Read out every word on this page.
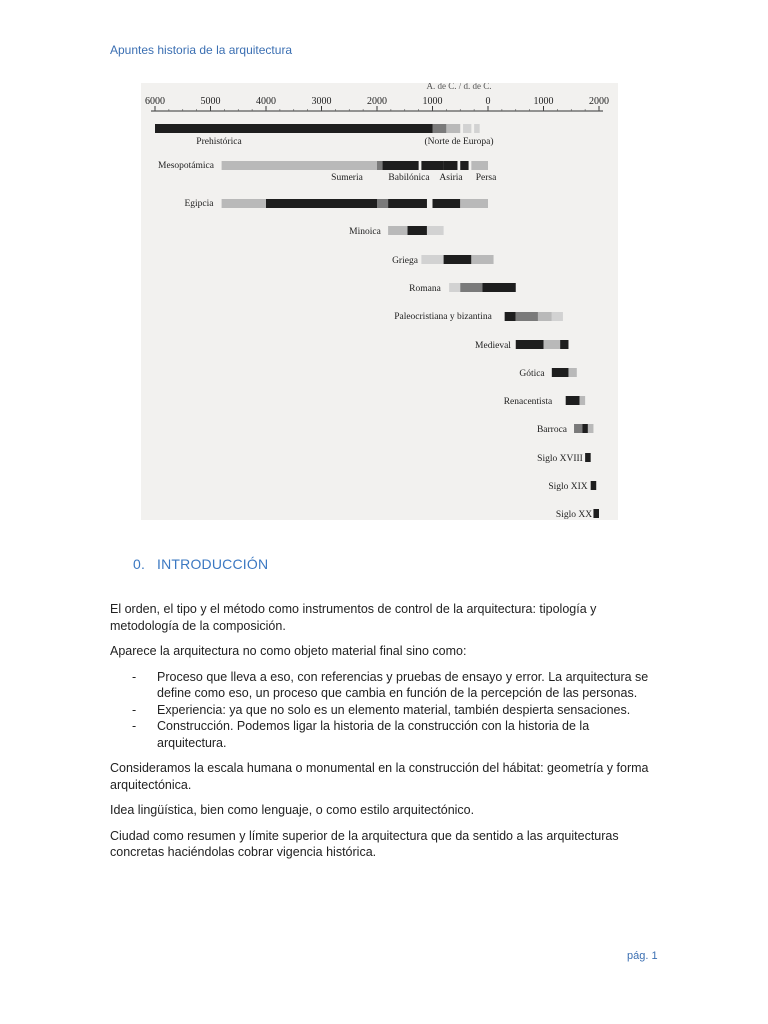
Apuntes historia de la arquitectura
A. de C. / d. de C.
6000	5000	4000	3000	2000	1000	0	1000	2000
Prehistórica	(Norte de Europa)
Mesopotámica
Sumeria	Babilónica Asiria Persa
Egipcia
Minoica
Griega
Romana
Paleocristiana y bizantina
Medieval
Gótica
Renacentista
Barroca
Siglo XVIII
Siglo XIX
Siglo XX
0. INTRODUCCIÓN

El orden, el tipo y el método como instrumentos de control de la arquitectura: tipología y metodología de la composición.

Aparece la arquitectura no como objeto material final sino como:

- Proceso que lleva a eso, con referencias y pruebas de ensayo y error. La arquitectura se define como eso, un proceso que cambia en función de la percepción de las personas.
- Experiencia: ya que no solo es un elemento material, también despierta sensaciones.
- Construcción. Podemos ligar la historia de la construcción con la historia de la arquitectura.

Consideramos la escala humana o monumental en la construcción del hábitat: geometría y forma arquitectónica.

Idea lingüística, bien como lenguaje, o como estilo arquitectónico.

Ciudad como resumen y límite superior de la arquitectura que da sentido a las arquitecturas concretas haciéndolas cobrar vigencia histórica.

pág. 1
